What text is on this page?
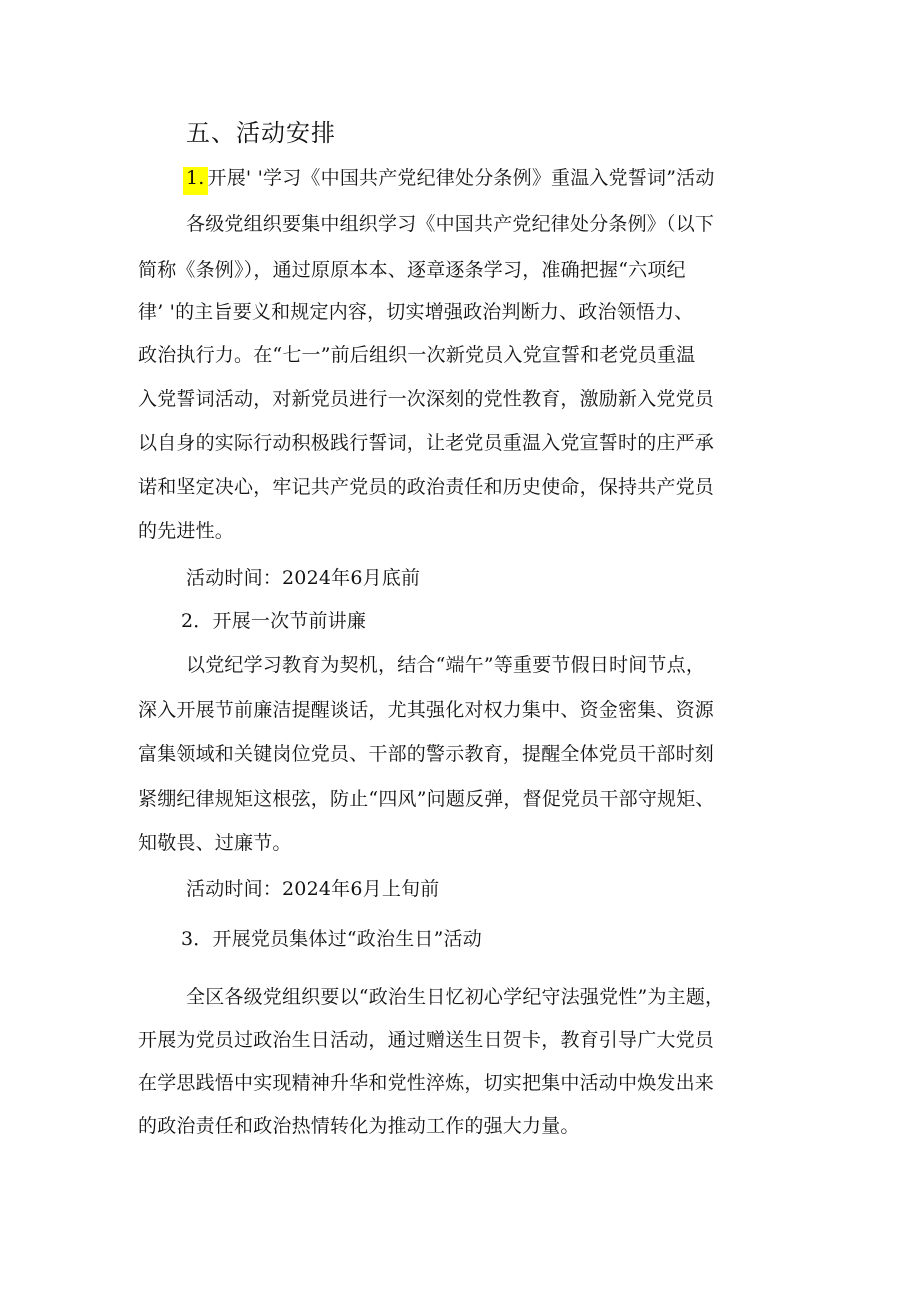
五、活动安排
1. 开展' '学习《中国共产党纪律处分条例》重温入党誓词”活动
各级党组织要集中组织学习《中国共产党纪律处分条例》（以下
简称《条例》），通过原原本本、逐章逐条学习，准确把握“六项纪
律’ '的主旨要义和规定内容，切实增强政治判断力、政治领悟力、
政治执行力。在“七一”前后组织一次新党员入党宣誓和老党员重温
入党誓词活动，对新党员进行一次深刻的党性教育，激励新入党党员
以自身的实际行动积极践行誓词，让老党员重温入党宣誓时的庄严承
诺和坚定决心，牢记共产党员的政治责任和历史使命，保持共产党员
的先进性。
活动时间：2024年6月底前
2．开展一次节前讲廉
以党纪学习教育为契机，结合“端午”等重要节假日时间节点，
深入开展节前廉洁提醒谈话，尤其强化对权力集中、资金密集、资源
富集领域和关键岗位党员、干部的警示教育，提醒全体党员干部时刻
紧绷纪律规矩这根弦，防止“四风”问题反弹，督促党员干部守规矩、
知敬畏、过廉节。
活动时间：2024年6月上旬前
3．开展党员集体过“政治生日”活动
全区各级党组织要以“政治生日忆初心学纪守法强党性”为主题，
开展为党员过政治生日活动，通过赠送生日贺卡，教育引导广大党员
在学思践悟中实现精神升华和党性淬炼，切实把集中活动中焕发出来
的政治责任和政治热情转化为推动工作的强大力量。
